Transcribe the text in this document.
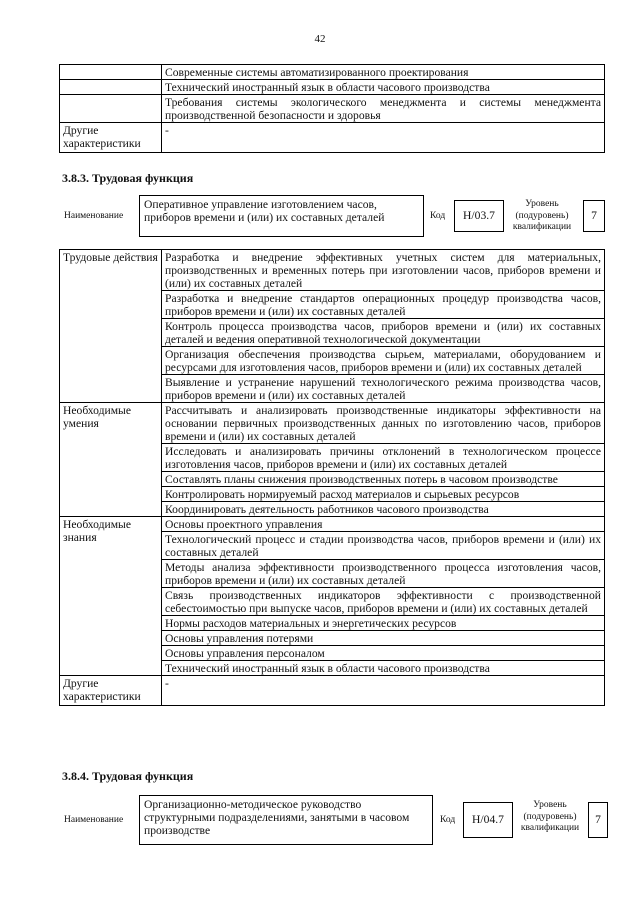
42
	Современные системы автоматизированного проектирования
	Технический иностранный язык в области часового производства
	Требования системы экологического менеджмента и системы менеджмента производственной безопасности и здоровья
Другие характеристики	-
3.8.3. Трудовая функция
Наименование
Оперативное управление изготовлением часов, приборов времени и (или) их составных деталей	Код	H/03.7
Уровень (подуровень) квалификации
7
Трудовые действия	Разработка и внедрение эффективных учетных систем для материальных, производственных и временных потерь при изготовлении часов, приборов времени и (или) их составных деталей
	Разработка и внедрение стандартов операционных процедур производства часов, приборов времени и (или) их составных деталей
	Контроль процесса производства часов, приборов времени и (или) их составных деталей и ведения оперативной технологической документации
	Организация обеспечения производства сырьем, материалами, оборудованием и ресурсами для изготовления часов, приборов времени и (или) их составных деталей
	Выявление и устранение нарушений технологического режима производства часов, приборов времени и (или) их составных деталей
Необходимые умения	Рассчитывать и анализировать производственные индикаторы эффективности на основании первичных производственных данных по изготовлению часов, приборов времени и (или) их составных деталей
	Исследовать и анализировать причины отклонений в технологическом процессе изготовления часов, приборов времени и (или) их составных деталей
	Составлять планы снижения производственных потерь в часовом производстве
	Контролировать нормируемый расход материалов и сырьевых ресурсов
	Координировать деятельность работников часового производства
Необходимые знания	Основы проектного управления
	Технологический процесс и стадии производства часов, приборов времени и (или) их составных деталей
	Методы анализа эффективности производственного процесса изготовления часов, приборов времени и (или) их составных деталей
	Связь производственных индикаторов эффективности с производственной себестоимостью при выпуске часов, приборов времени и (или) их составных деталей
	Нормы расходов материальных и энергетических ресурсов
	Основы управления потерями
	Основы управления персоналом
	Технический иностранный язык в области часового производства
Другие характеристики	-
3.8.4. Трудовая функция
Наименование
Организационно-методическое руководство структурными подразделениями, занятыми в часовом производстве
Код	H/04.7
Уровень (подуровень) квалификации
7
